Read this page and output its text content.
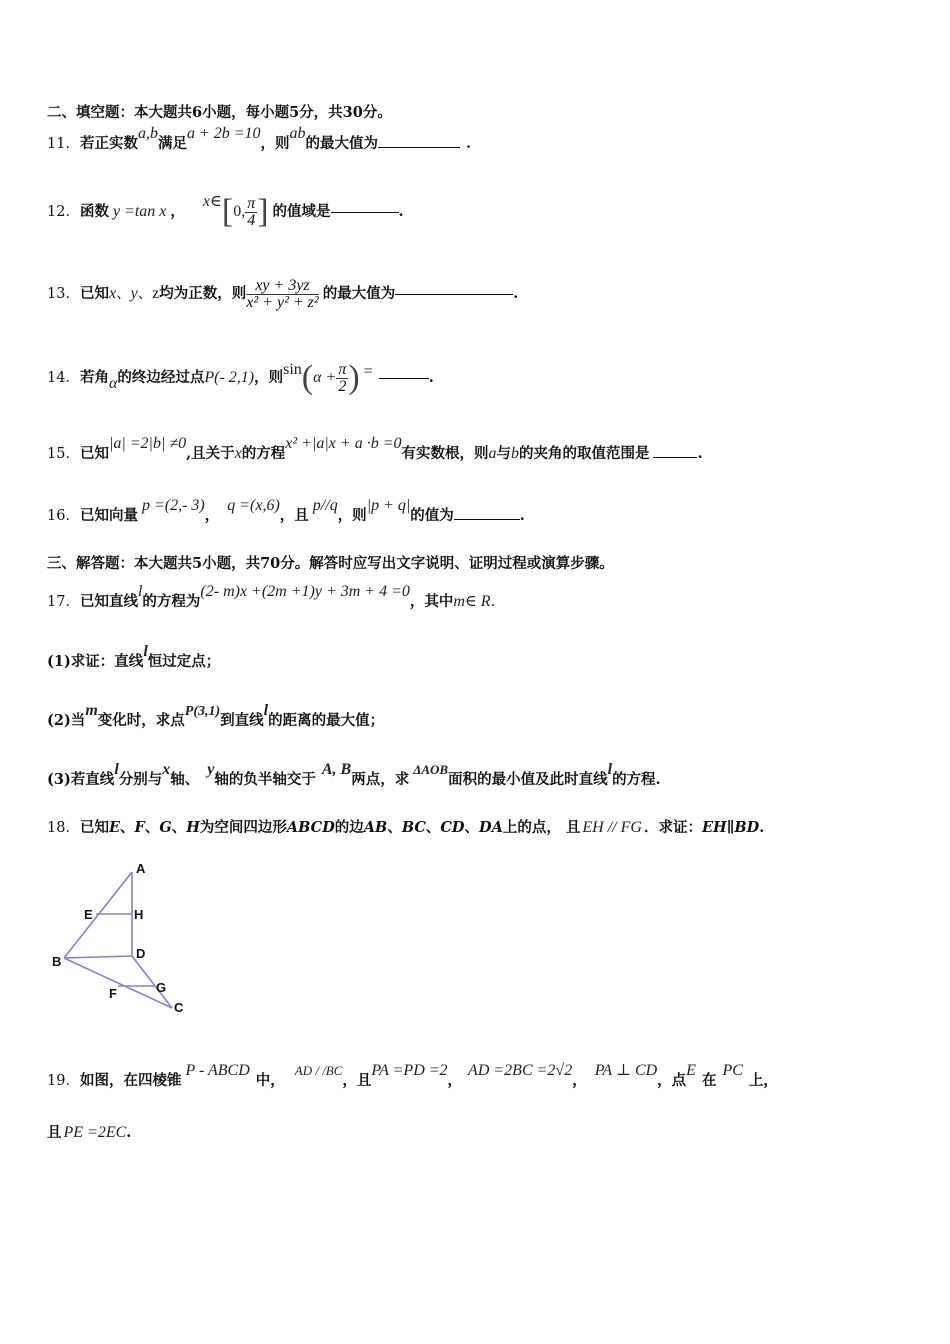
二、填空题：本大题共6小题，每小题5分，共30分。
11．若正实数a,b满足a + 2b =10，则ab的最大值为	.
12． 函数 y =tan x ，
x∈ [ 0, $\frac{\pi}{4}$ ] 的值域是	.
13． 已知 x 、 y 、 z 均为正数，则 $\frac{xy + 3yz}{\text{x² + y² + z²}}$ 的最大值为	.
14． 若角 α 的终边经过点 P(- 2,1) ，则 sin ( $\alpha + \frac{\pi}{2}$ ) =	.
15．已知|a| =2|b| ≠0,且关于x的方程x² +|a|x + a ·b =0有实数根，则a与b的夹角的取值范围是	.
16．已知向量p =(2,- 3)，q =(x,6)，且p//q，则|p + q|的值为	.
三、解答题：本大题共5小题，共70分。解答时应写出文字说明、证明过程或演算步骤。
17．已知直线l的方程为(2- m)x +(2m +1)y + 3m + 4 =0，其中m∈ R.
(1)求证：直线l恒过定点；
(2)当m变化时，求点P(3,1)到直线l的距离的最大值；
(3)若直线l分别与x轴、y轴的负半轴交于A, B两点，求ΔAOB面积的最小值及此时直线l的方程.
18．已知E、F、G、H为空间四边形ABCD的边AB、BC、CD、DA上的点， 且 EH // FG ．求证：EH∥BD.
A
B
C
D
E
F	G
H
19．如图，在四棱锥P - ABCD中，AD / /BC，且PA =PD =2，AD =2BC =2√2，PA ⊥ CD，点E在PC上，
且 PE =2EC.
